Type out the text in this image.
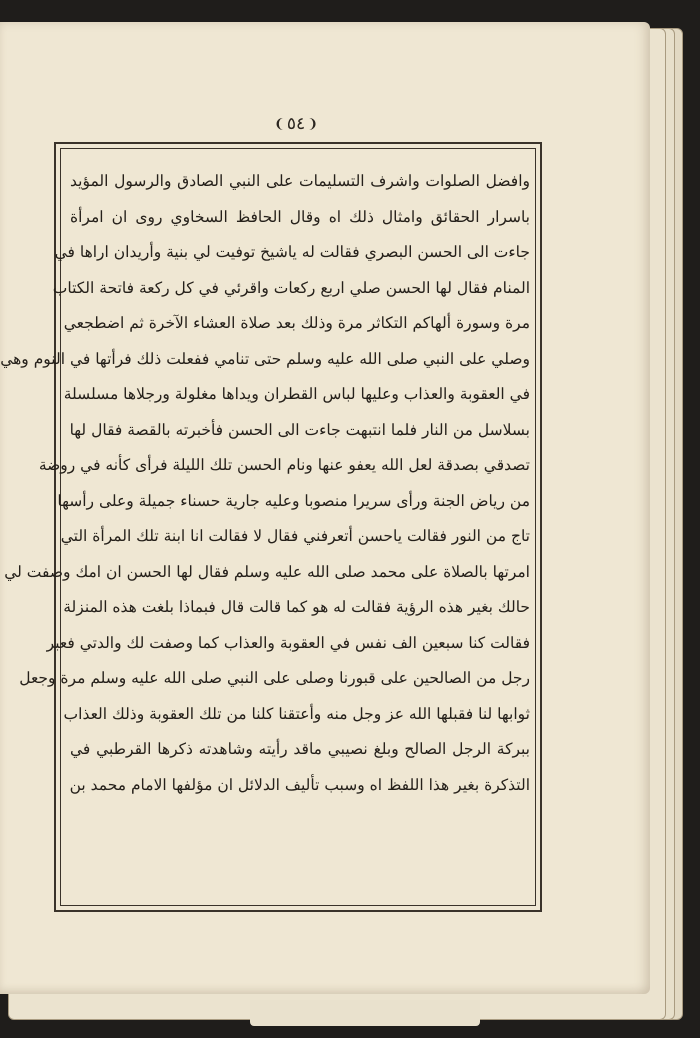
❨ ٥٤ ❩
وافضل الصلوات واشرف التسليمات على النبي الصادق والرسول المؤيد
باسرار الحقائق وامثال ذلك اه وقال الحافظ السخاوي روى ان امرأة
جاءت الى الحسن البصري فقالت له ياشيخ توفيت لي بنية وأريدان اراها في
المنام فقال لها الحسن صلي اربع ركعات واقرئي في كل ركعة فاتحة الكتاب
مرة وسورة ألهاكم التكاثر مرة وذلك بعد صلاة العشاء الآخرة ثم اضطجعي
وصلي على النبي صلى الله عليه وسلم حتى تنامي ففعلت ذلك فرأتها في النوم وهي
في العقوبة والعذاب وعليها لباس القطران ويداها مغلولة ورجلاها مسلسلة
بسلاسل من النار فلما انتبهت جاءت الى الحسن فأخبرته بالقصة فقال لها
تصدقي بصدقة لعل الله يعفو عنها ونام الحسن تلك الليلة فرأى كأنه في روضة
من رياض الجنة ورأى سريرا منصوبا وعليه جارية حسناء جميلة وعلى رأسها
تاج من النور فقالت ياحسن أتعرفني فقال لا فقالت انا ابنة تلك المرأة التي
امرتها بالصلاة على محمد صلى الله عليه وسلم فقال لها الحسن ان امك وصفت لي
حالك بغير هذه الرؤية فقالت له هو كما قالت قال فبماذا بلغت هذه المنزلة
فقالت كنا سبعين الف نفس في العقوبة والعذاب كما وصفت لك والدتي فعبر
رجل من الصالحين على قبورنا وصلى على النبي صلى الله عليه وسلم مرة وجعل
ثوابها لنا فقبلها الله عز وجل منه وأعتقنا كلنا من تلك العقوبة وذلك العذاب
ببركة الرجل الصالح وبلغ نصيبي ماقد رأيته وشاهدته ذكرها القرطبي في
التذكرة بغير هذا اللفظ اه وسبب تأليف الدلائل ان مؤلفها الامام محمد بن
